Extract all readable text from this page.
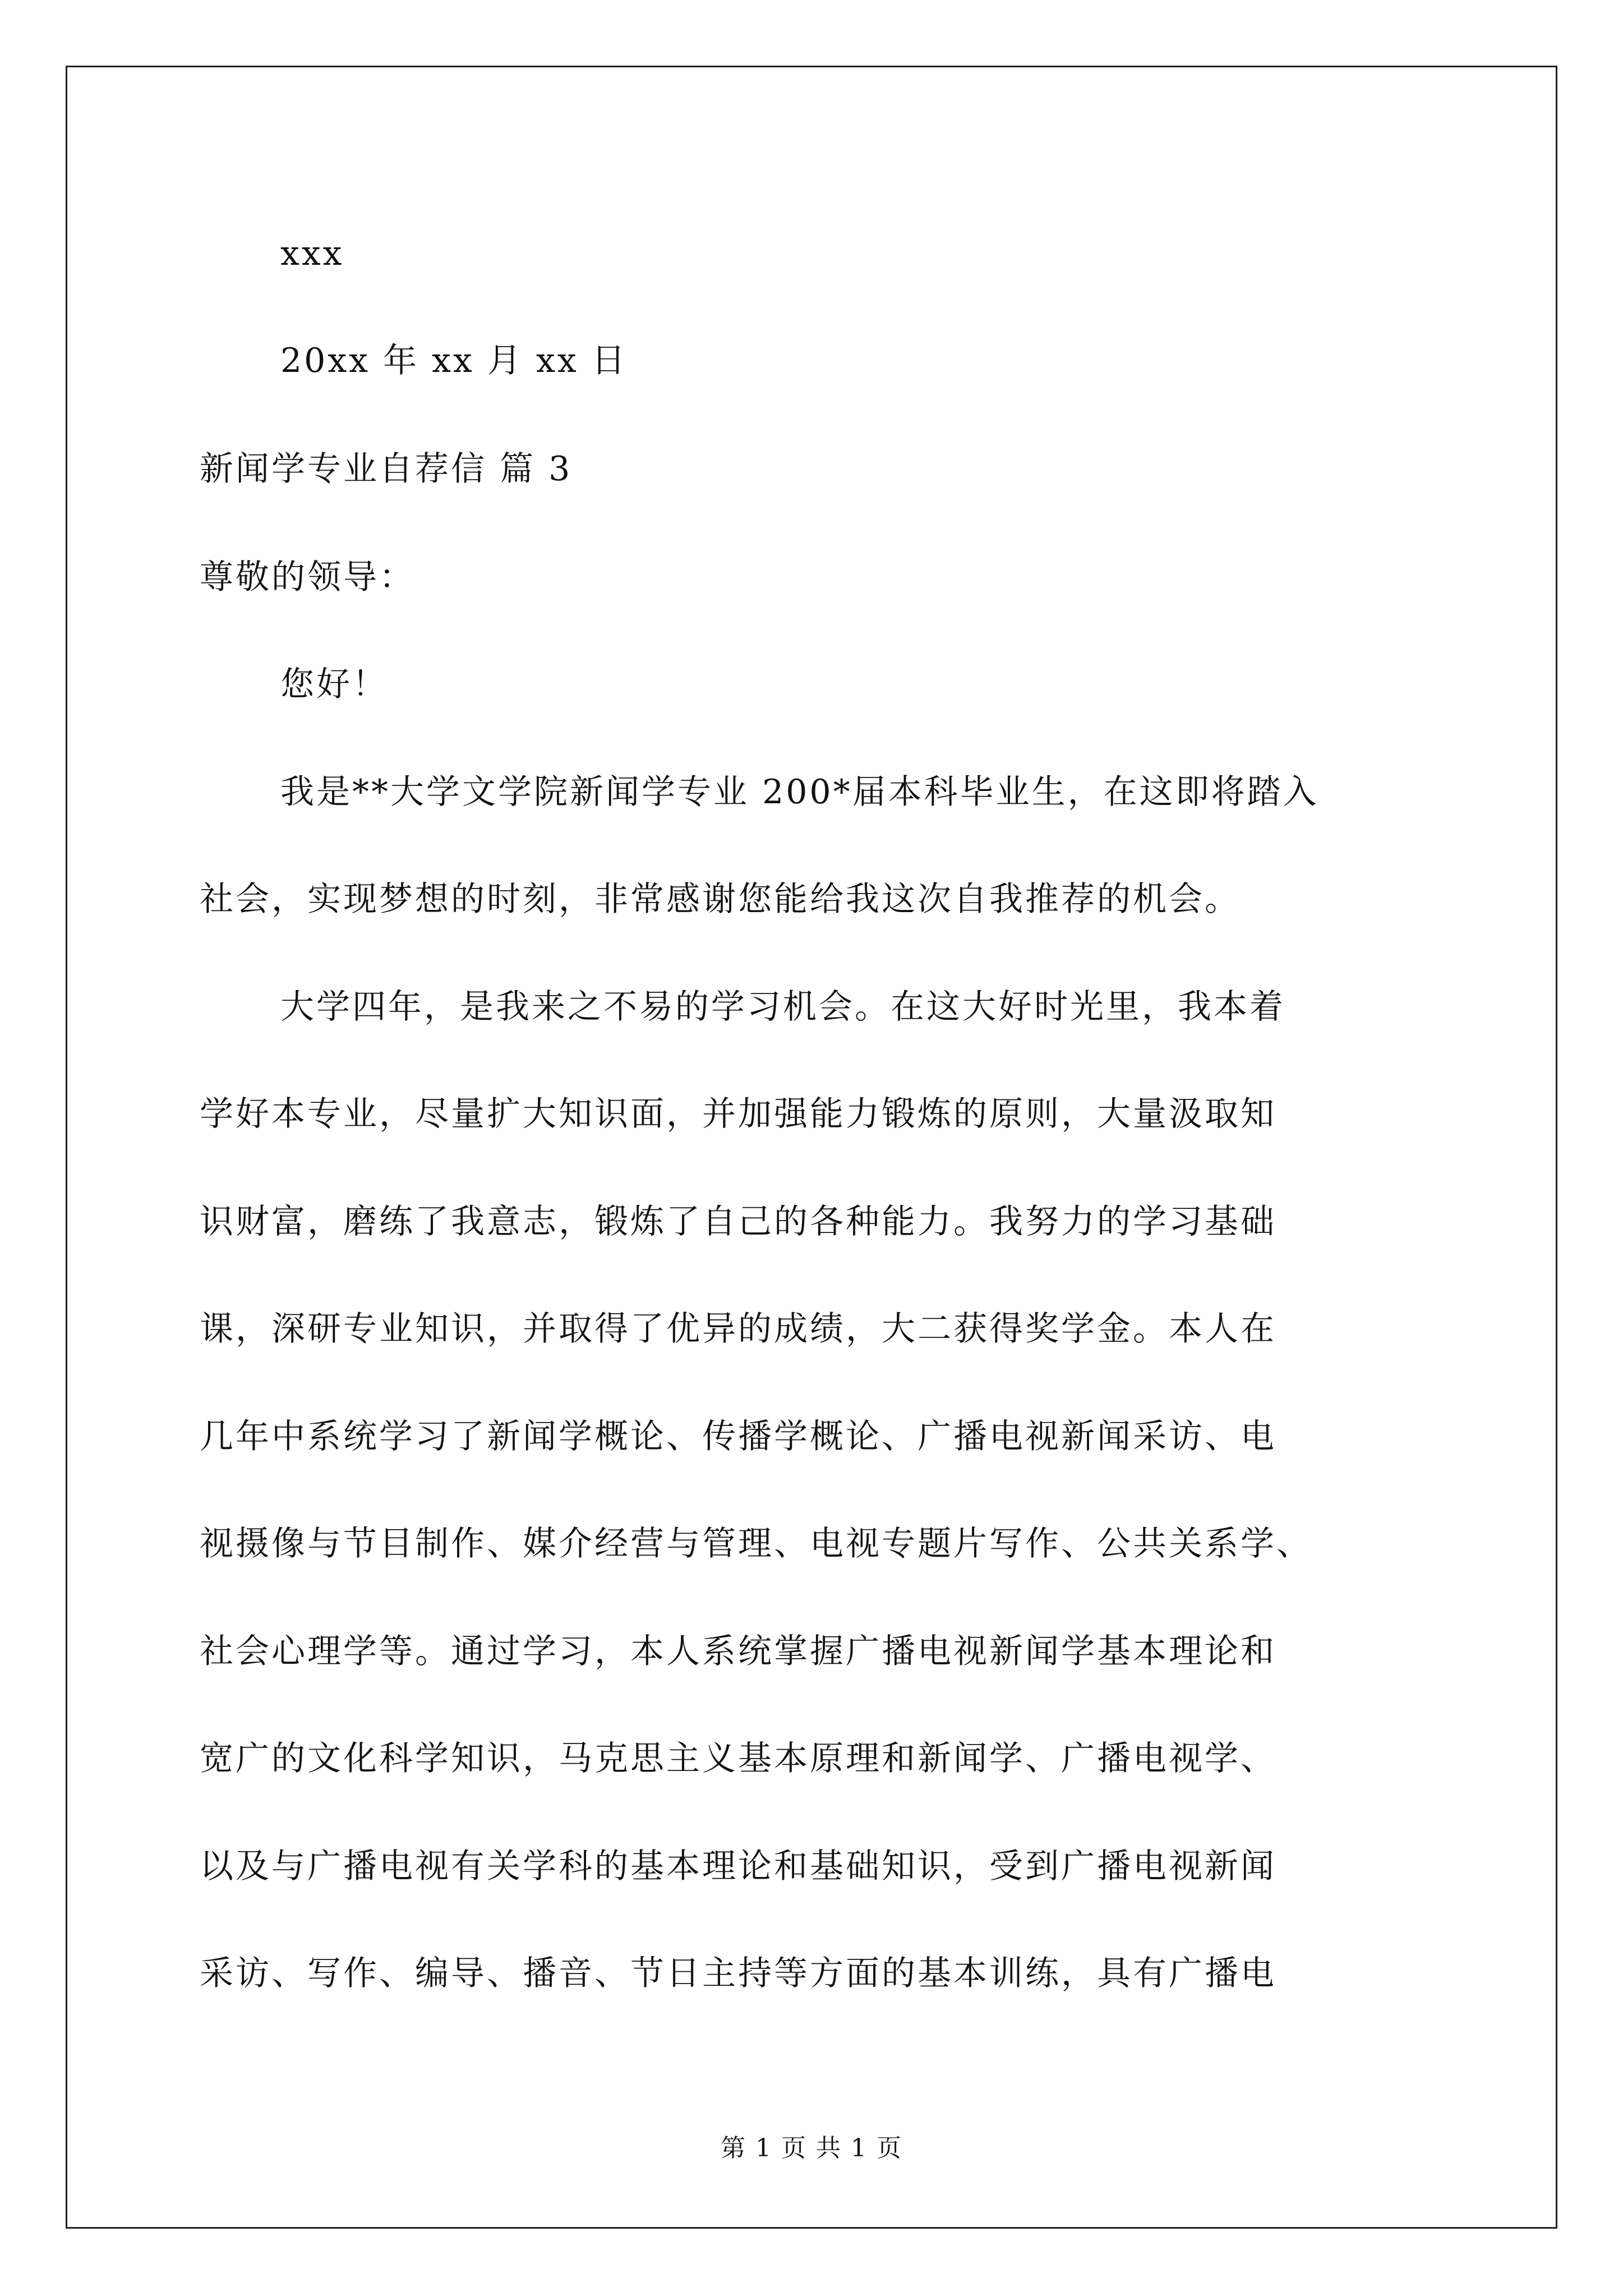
xxx
20xx 年 xx 月 xx 日
新闻学专业自荐信 篇 3
尊敬的领导：
您好！
我是**大学文学院新闻学专业 200*届本科毕业生，在这即将踏入
社会，实现梦想的时刻，非常感谢您能给我这次自我推荐的机会。
大学四年，是我来之不易的学习机会。在这大好时光里，我本着
学好本专业，尽量扩大知识面，并加强能力锻炼的原则，大量汲取知
识财富，磨练了我意志，锻炼了自己的各种能力。我努力的学习基础
课，深研专业知识，并取得了优异的成绩，大二获得奖学金。本人在
几年中系统学习了新闻学概论、传播学概论、广播电视新闻采访、电
视摄像与节目制作、媒介经营与管理、电视专题片写作、公共关系学、
社会心理学等。通过学习，本人系统掌握广播电视新闻学基本理论和
宽广的文化科学知识，马克思主义基本原理和新闻学、广播电视学、
以及与广播电视有关学科的基本理论和基础知识，受到广播电视新闻
采访、写作、编导、播音、节日主持等方面的基本训练，具有广播电
第 1 页 共 1 页
